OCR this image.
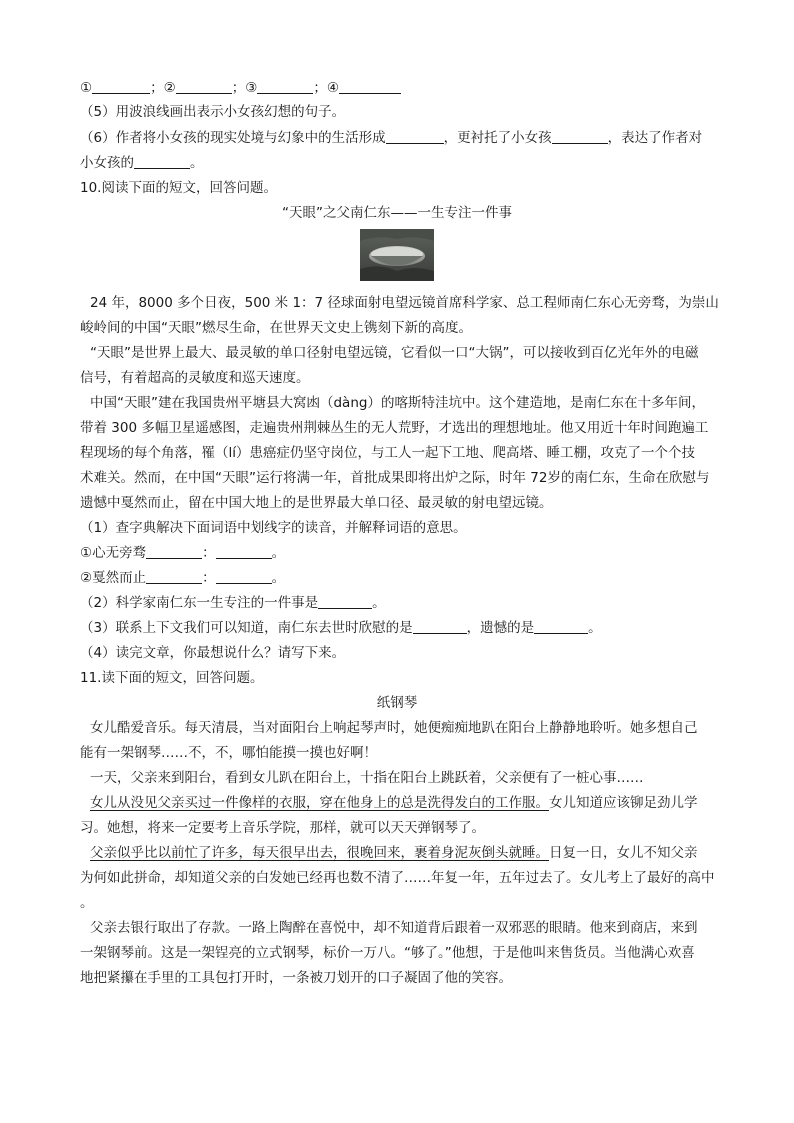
①	；②	；③	；④
（5）用波浪线画出表示小女孩幻想的句子。
（6）作者将小女孩的现实处境与幻象中的生活形成	，更衬托了小女孩	，表达了作者对
小女孩的	。
10.阅读下面的短文，回答问题。
“天眼”之父南仁东——一生专注一件事
24 年，8000 多个日夜，500 米 1：7 径球面射电望远镜首席科学家、总工程师南仁东心无旁骛，为崇山
峻岭间的中国“天眼”燃尽生命，在世界天文史上镌刻下新的高度。
“天眼”是世界上最大、最灵敏的单口径射电望远镜，它看似一口“大锅”，可以接收到百亿光年外的电磁
信号，有着超高的灵敏度和巡天速度。
中国“天眼”建在我国贵州平塘县大窝凼（dàng）的喀斯特洼坑中。这个建造地，是南仁东在十多年间，
带着 300 多幅卫星遥感图，走遍贵州荆棘丛生的无人荒野，才选出的理想地址。他又用近十年时间跑遍工
程现场的每个角落，罹（lí）患癌症仍坚守岗位，与工人一起下工地、爬高塔、睡工棚，攻克了一个个技
术难关。然而，在中国“天眼”运行将满一年，首批成果即将出炉之际，时年 72岁的南仁东，生命在欣慰与
遗憾中戛然而止，留在中国大地上的是世界最大单口径、最灵敏的射电望远镜。
（1）查字典解决下面词语中划线字的读音，并解释词语的意思。
①心无旁骛	：	。
②戛然而止	：	。
（2）科学家南仁东一生专注的一件事是	。
（3）联系上下文我们可以知道，南仁东去世时欣慰的是	，遗憾的是	。
（4）读完文章，你最想说什么？请写下来。
11.读下面的短文，回答问题。
纸钢琴
女儿酷爱音乐。每天清晨，当对面阳台上响起琴声时，她便痴痴地趴在阳台上静静地聆听。她多想自己
能有一架钢琴……不，不，哪怕能摸一摸也好啊！
一天，父亲来到阳台，看到女儿趴在阳台上，十指在阳台上跳跃着，父亲便有了一桩心事……
女儿从没见父亲买过一件像样的衣服，穿在他身上的总是洗得发白的工作服。女儿知道应该铆足劲儿学
习。她想，将来一定要考上音乐学院，那样，就可以天天弹钢琴了。
父亲似乎比以前忙了许多，每天很早出去，很晚回来，裹着身泥灰倒头就睡。日复一日，女儿不知父亲
为何如此拼命，却知道父亲的白发她已经再也数不清了……年复一年，五年过去了。女儿考上了最好的高中
。
父亲去银行取出了存款。一路上陶醉在喜悦中，却不知道背后跟着一双邪恶的眼睛。他来到商店，来到
一架钢琴前。这是一架锃亮的立式钢琴，标价一万八。“够了。”他想，于是他叫来售货员。当他满心欢喜
地把紧攥在手里的工具包打开时，一条被刀划开的口子凝固了他的笑容。
